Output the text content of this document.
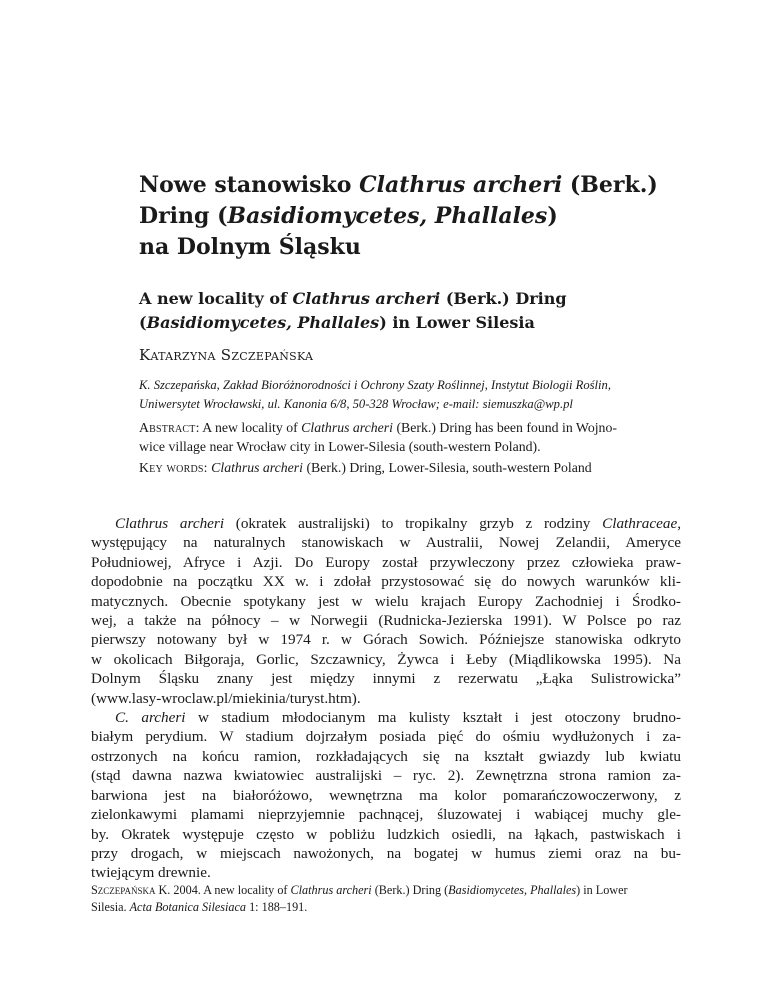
Nowe stanowisko Clathrus archeri (Berk.)
Dring (Basidiomycetes, Phallales)
na Dolnym Śląsku
A new locality of Clathrus archeri (Berk.) Dring
(Basidiomycetes, Phallales) in Lower Silesia
Katarzyna Szczepańska
K. Szczepańska, Zakład Bioróżnorodności i Ochrony Szaty Roślinnej, Instytut Biologii Roślin,
Uniwersytet Wrocławski, ul. Kanonia 6/8, 50-328 Wrocław; e-mail: siemuszka@wp.pl
Abstract: A new locality of Clathrus archeri (Berk.) Dring has been found in Wojno-
wice village near Wrocław city in Lower-Silesia (south-western Poland).
Key words: Clathrus archeri (Berk.) Dring, Lower-Silesia, south-western Poland
Clathrus archeri (okratek australijski) to tropikalny grzyb z rodziny Clathraceae,
występujący na naturalnych stanowiskach w Australii, Nowej Zelandii, Ameryce
Południowej, Afryce i Azji. Do Europy został przywleczony przez człowieka praw-
dopodobnie na początku XX w. i zdołał przystosować się do nowych warunków kli-
matycznych. Obecnie spotykany jest w wielu krajach Europy Zachodniej i Środko-
wej, a także na północy – w Norwegii (Rudnicka-Jezierska 1991). W Polsce po raz
pierwszy notowany był w 1974 r. w Górach Sowich. Późniejsze stanowiska odkryto
w okolicach Biłgoraja, Gorlic, Szczawnicy, Żywca i Łeby (Miądlikowska 1995). Na
Dolnym Śląsku znany jest między innymi z rezerwatu „Łąka Sulistrowicka”
(www.lasy-wroclaw.pl/miekinia/turyst.htm).
C. archeri w stadium młodocianym ma kulisty kształt i jest otoczony brudno-
białym perydium. W stadium dojrzałym posiada pięć do ośmiu wydłużonych i za-
ostrzonych na końcu ramion, rozkładających się na kształt gwiazdy lub kwiatu
(stąd dawna nazwa kwiatowiec australijski – ryc. 2). Zewnętrzna strona ramion za-
barwiona jest na białoróżowo, wewnętrzna ma kolor pomarańczowoczerwony, z
zielonkawymi plamami nieprzyjemnie pachnącej, śluzowatej i wabiącej muchy gle-
by. Okratek występuje często w pobliżu ludzkich osiedli, na łąkach, pastwiskach i
przy drogach, w miejscach nawożonych, na bogatej w humus ziemi oraz na bu-
twiejącym drewnie.
Szczepańska K. 2004. A new locality of Clathrus archeri (Berk.) Dring (Basidiomycetes, Phallales) in Lower
Silesia. Acta Botanica Silesiaca 1: 188–191.
